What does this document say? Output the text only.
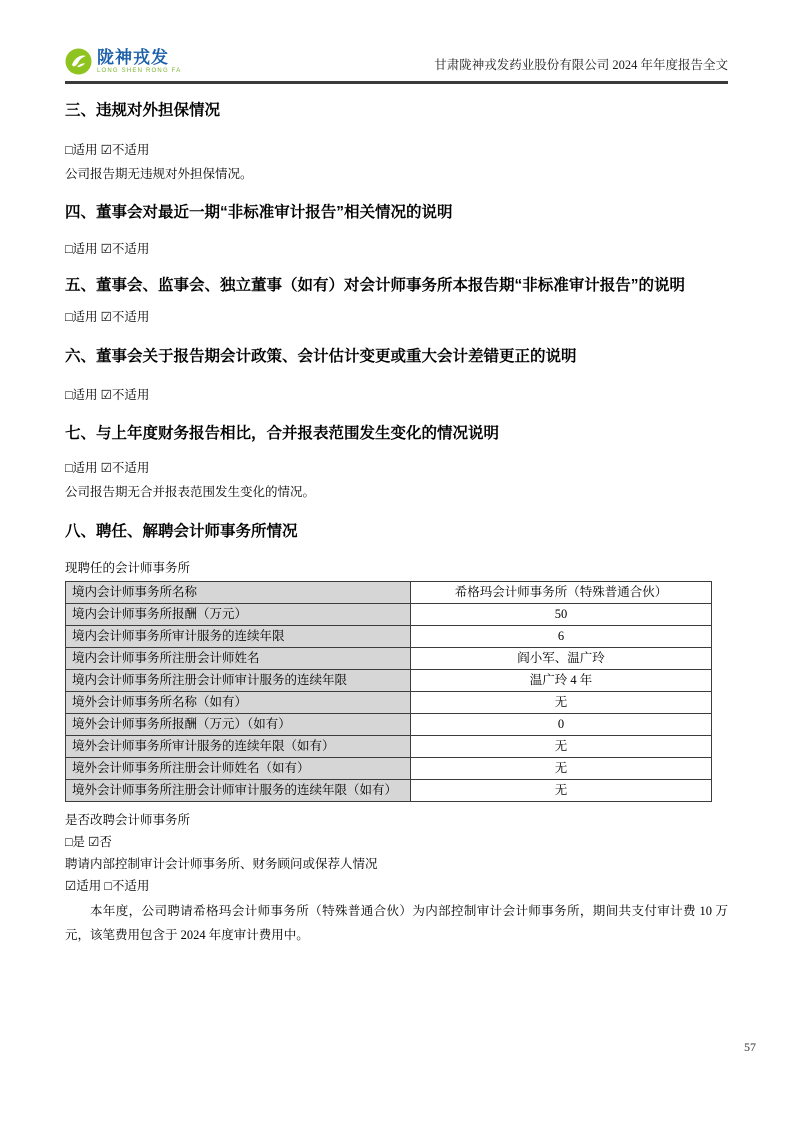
陇神戎发
LONG SHEN RONG FA	甘肃陇神戎发药业股份有限公司 2024 年年度报告全文
三、违规对外担保情况

□适用 ☑不适用

公司报告期无违规对外担保情况。

四、董事会对最近一期“非标准审计报告”相关情况的说明

□适用 ☑不适用

五、董事会、监事会、独立董事（如有）对会计师事务所本报告期“非标准审计报告”的说明

□适用 ☑不适用

六、董事会关于报告期会计政策、会计估计变更或重大会计差错更正的说明

□适用 ☑不适用

七、与上年度财务报告相比，合并报表范围发生变化的情况说明

□适用 ☑不适用

公司报告期无合并报表范围发生变化的情况。

八、聘任、解聘会计师事务所情况

现聘任的会计师事务所

境内会计师事务所名称	希格玛会计师事务所（特殊普通合伙）
境内会计师事务所报酬（万元）	50
境内会计师事务所审计服务的连续年限	6
境内会计师事务所注册会计师姓名	阎小军、温广玲
境内会计师事务所注册会计师审计服务的连续年限	温广玲 4 年
境外会计师事务所名称（如有）	无
境外会计师事务所报酬（万元）（如有）	0
境外会计师事务所审计服务的连续年限（如有）	无
境外会计师事务所注册会计师姓名（如有）	无
境外会计师事务所注册会计师审计服务的连续年限（如有）	无

是否改聘会计师事务所

□是 ☑否

聘请内部控制审计会计师事务所、财务顾问或保荐人情况

☑适用 □不适用

本年度，公司聘请希格玛会计师事务所（特殊普通合伙）为内部控制审计会计师事务所，期间共支付审计费 10 万元，该笔费用包含于 2024 年度审计费用中。

57
